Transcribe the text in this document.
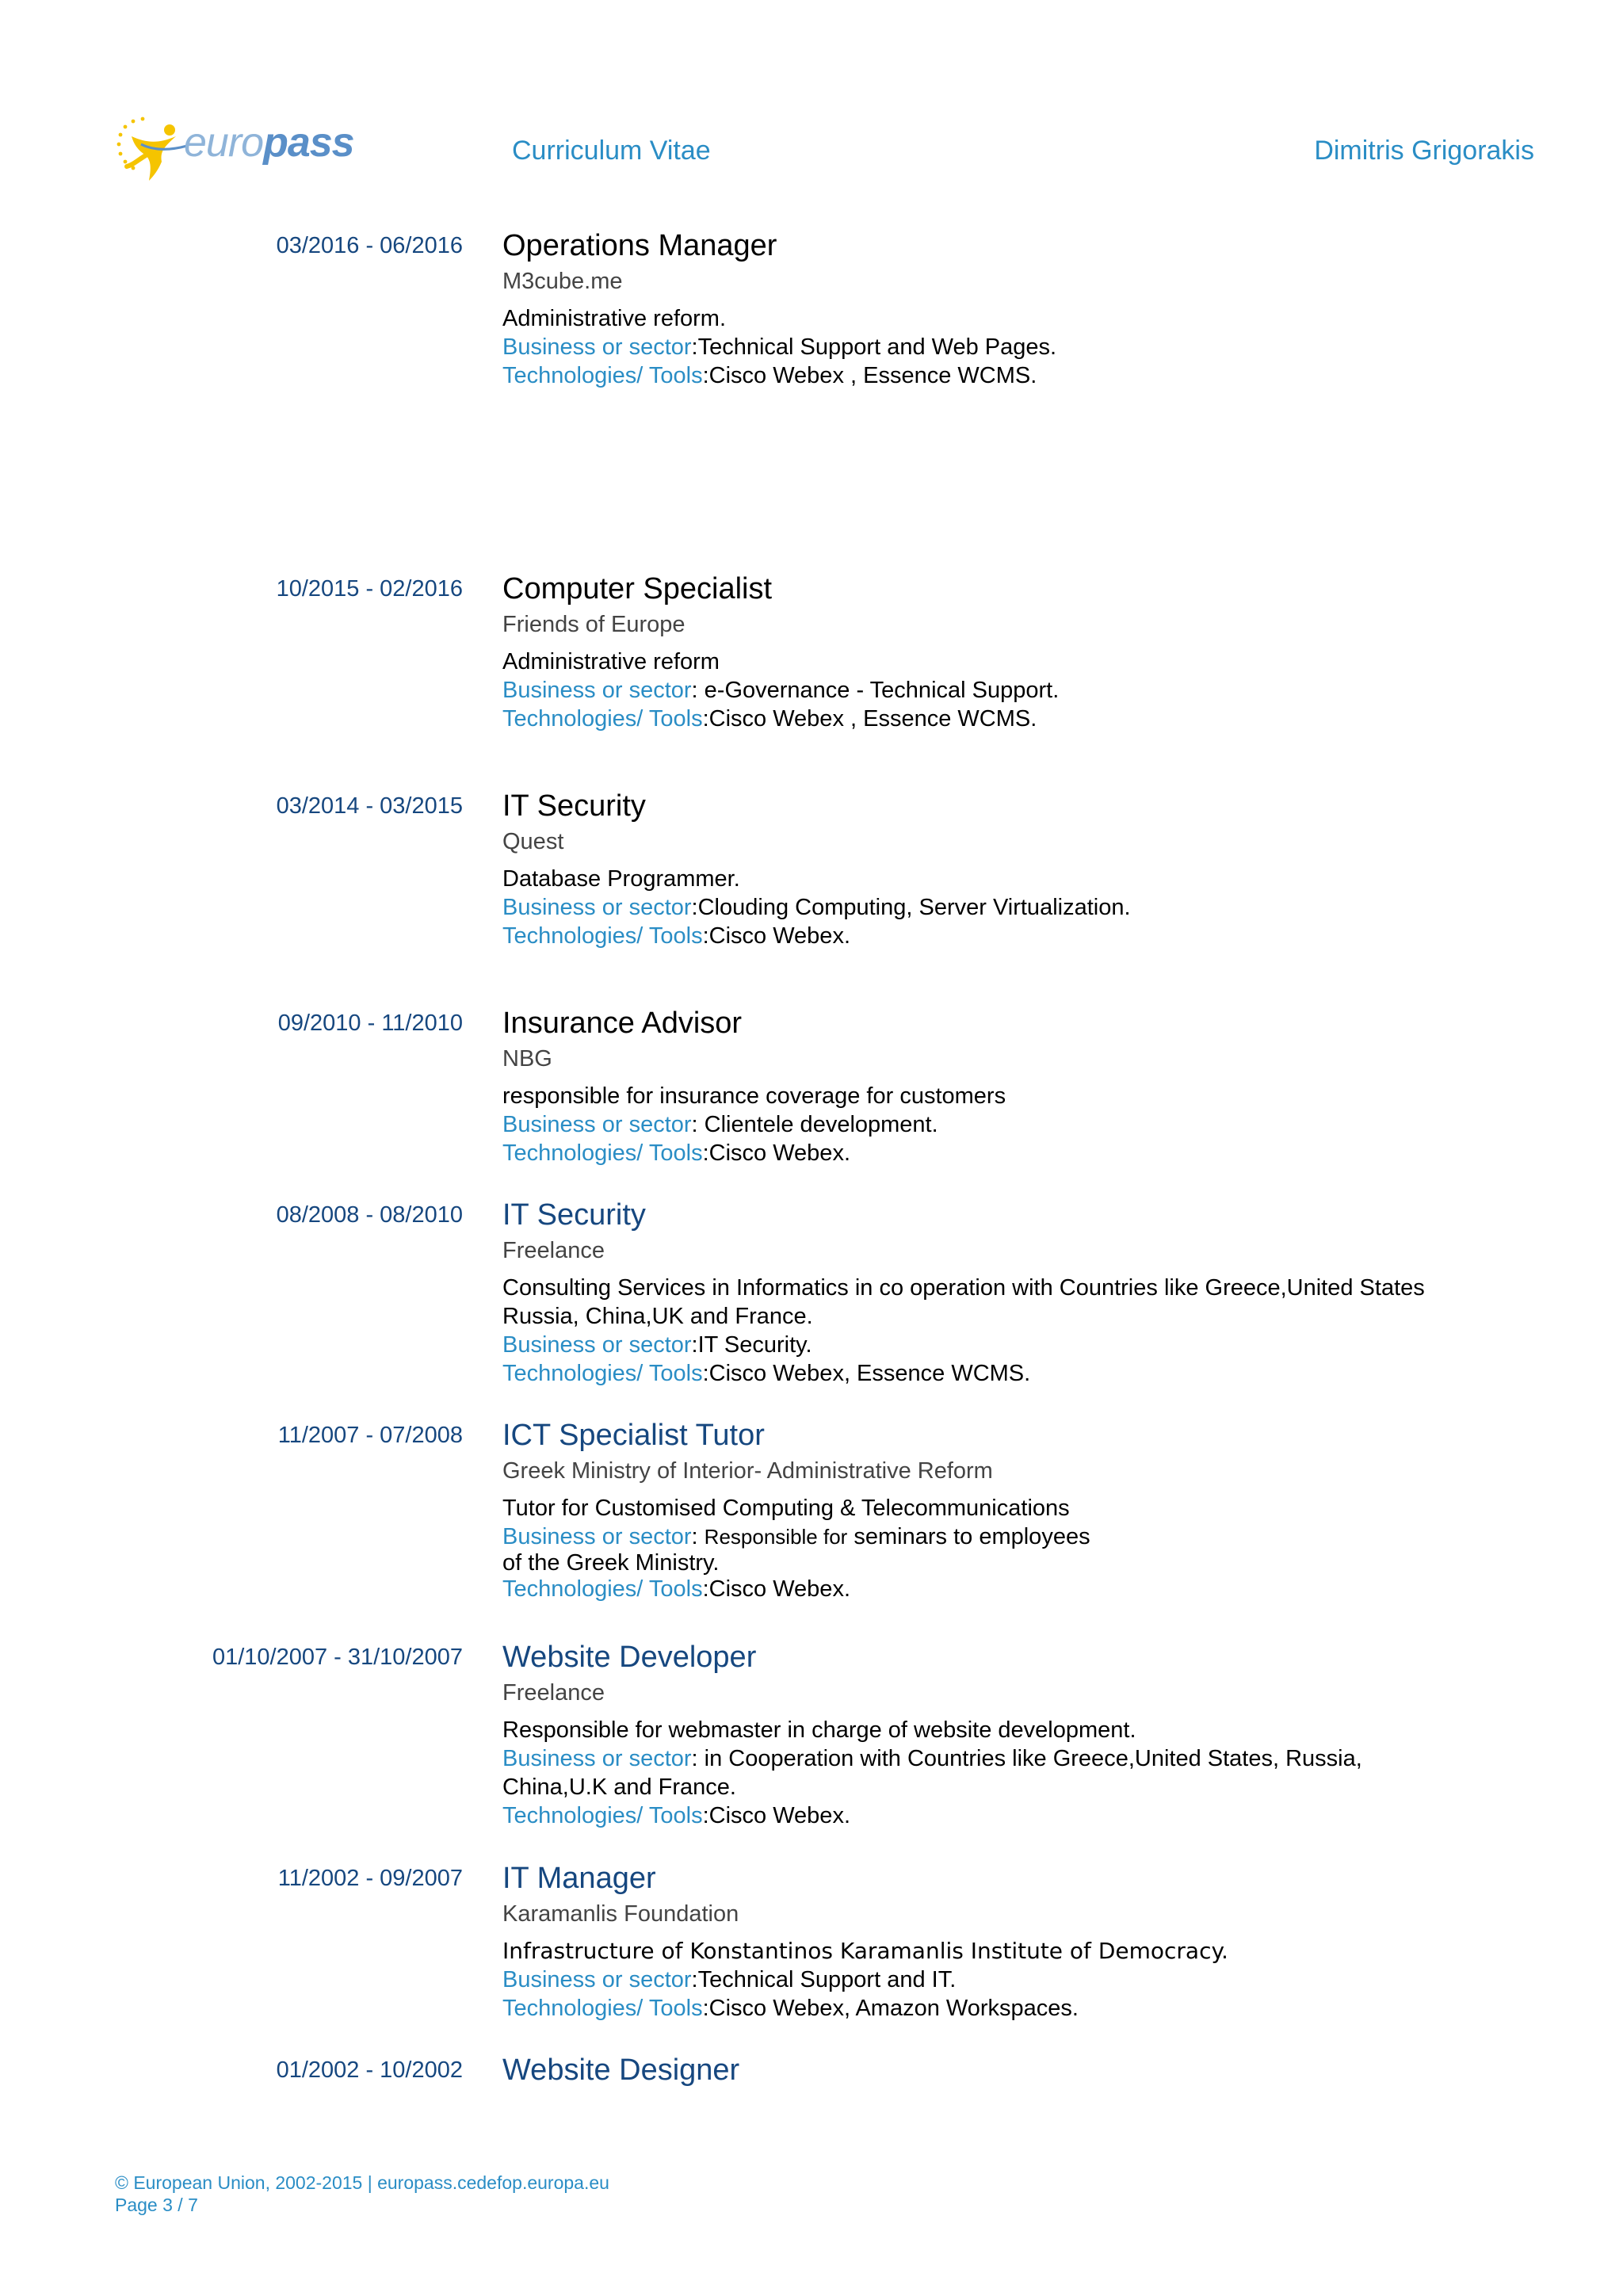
europass	Curriculum Vitae	Dimitris Grigorakis
03/2016 - 06/2016 Operations Manager
M3cube.me
Administrative reform.
Business or sector:Technical Support and Web Pages.
Technologies/ Tools:Cisco Webex , Essence WCMS.
10/2015 - 02/2016 Computer Specialist
Friends of Europe
Administrative reform
Business or sector: e-Governance - Technical Support.
Technologies/ Tools:Cisco Webex , Essence WCMS.
03/2014 - 03/2015 IT Security
Quest
Database Programmer.
Business or sector:Clouding Computing, Server Virtualization.
Technologies/ Tools:Cisco Webex.
09/2010 - 11/2010 Insurance Advisor
NBG
responsible for insurance coverage for customers
Business or sector: Clientele development.
Technologies/ Tools:Cisco Webex.
08/2008 - 08/2010 IT Security
Freelance
Consulting Services in Informatics in co operation with Countries like Greece,United States
Russia, China,UK and France.
Business or sector:IT Security.
Technologies/ Tools:Cisco Webex, Essence WCMS.
11/2007 - 07/2008 ICT Specialist Tutor
Greek Ministry of Interior- Administrative Reform
Tutor for Customised Computing & Telecommunications
Business or sector: Responsible for seminars to employees
of the Greek Ministry.
Technologies/ Tools:Cisco Webex.
01/10/2007 - 31/10/2007 Website Developer
Freelance
Responsible for webmaster in charge of website development.
Business or sector: in Cooperation with Countries like Greece,United States, Russia,
China,U.K and France.
Technologies/ Tools:Cisco Webex.
11/2002 - 09/2007 IT Manager
Karamanlis Foundation
Infrastructure of Konstantinos Karamanlis Institute of Democracy.
Business or sector:Technical Support and IT.
Technologies/ Tools:Cisco Webex, Amazon Workspaces.
01/2002 - 10/2002 Website Designer
© European Union, 2002-2015 | europass.cedefop.europa.eu
Page 3 / 7
